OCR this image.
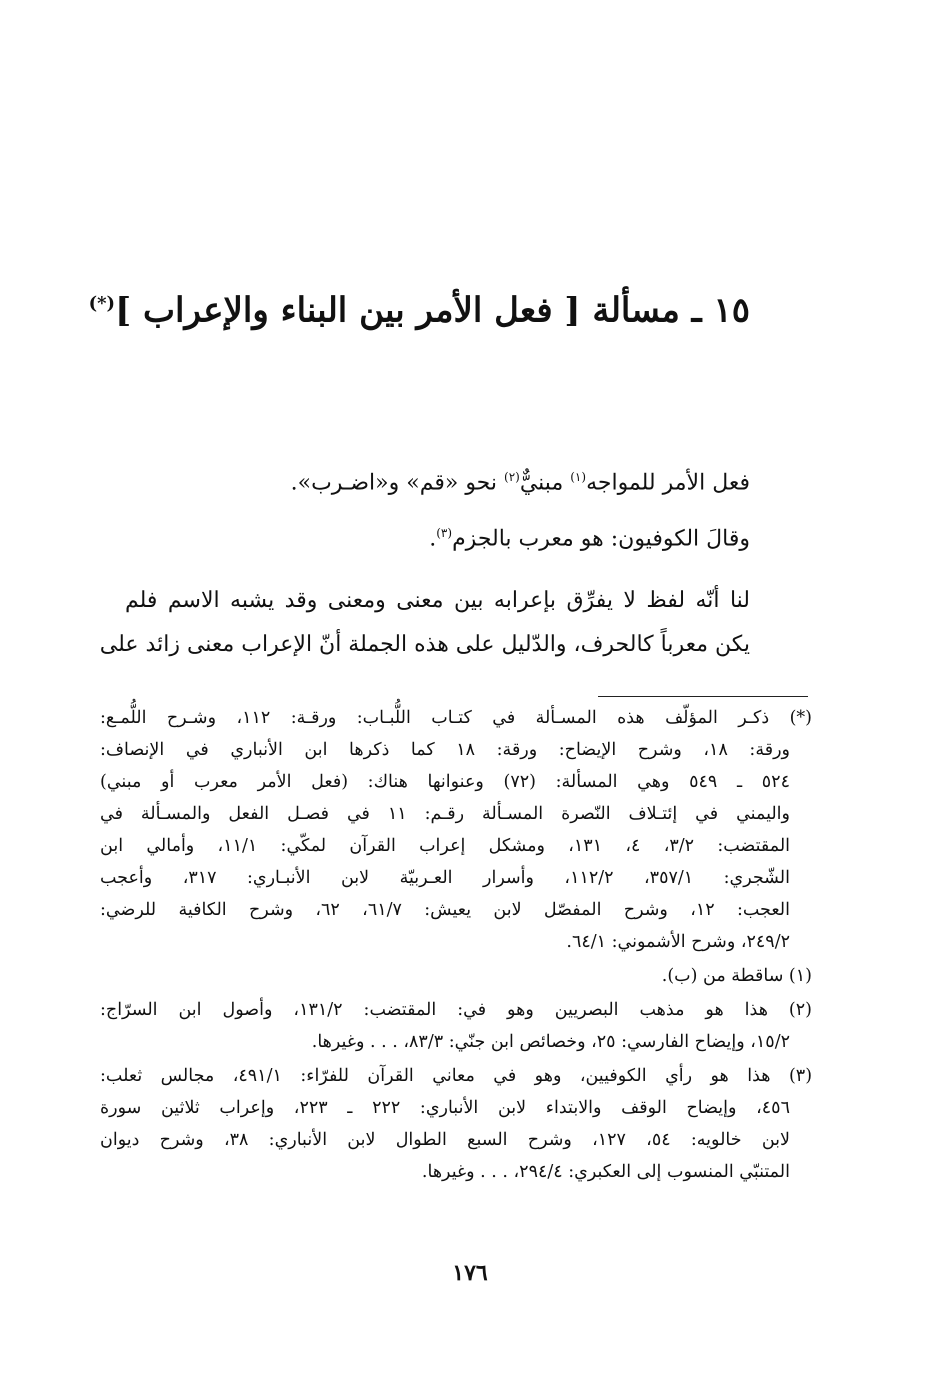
١٥ ـ مسألة [ فعل الأمر بين البناء والإعراب ](*)
فعل الأمر للمواجه$^{(١)}$ مبنيٌّ$^{(٢)}$ نحو «قم» و«اضـرب».
وقالَ الكوفيون: هو معرب بالجزم$^{(٣)}$.
لنا أنّه لفظ لا يفرِّق بإعرابه بين معنى ومعنى وقد يشبه الاسم فلم
يكن معرباً كالحرف، والدّليل على هذه الجملة أنّ الإعراب معنى زائد على
(*) ذكـر المؤلّف هذه المسـألة في كتـاب اللُّبـاب: ورقـة: ١١٢، وشـرح اللُّمـع:
ورقة: ١٨، وشرح الإيضاح: ورقة: ١٨ كما ذكرها ابن الأنباري في الإنصاف:
٥٢٤ ـ ٥٤٩ وهي المسألة: (٧٢) وعنوانها هناك: (فعل الأمر معرب أو مبني)
واليمني في إئتـلاف النّصرة المسـألة رقـم: ١١ في فصـل الفعل والمسـألة في
المقتضب: ٣/٢، ٤، ١٣١، ومشكل إعراب القرآن لمكّي: ١١/١، وأمالي ابن
الشّجري: ٣٥٧/١، ١١٢/٢، وأسرار العـربيّة لابن الأنبـاري: ٣١٧، وأعجب
العجب: ١٢، وشرح المفصّل لابن يعيش: ٦١/٧، ٦٢، وشرح الكافية للرضي:
٢٤٩/٢، وشرح الأشموني: ٦٤/١.
(١) ساقطة من (ب).
(٢) هذا هو مذهب البصريين وهو في: المقتضب: ١٣١/٢، وأصول ابن السرّاج:
١٥/٢، وإيضاح الفارسي: ٢٥، وخصائص ابن جنّي: ٨٣/٣، . . . وغيرها.
(٣) هذا هو رأي الكوفيين، وهو في معاني القرآن للفرّاء: ٤٩١/١، مجالس ثعلب:
٤٥٦، وإيضاح الوقف والابتداء لابن الأنباري: ٢٢٢ ـ ٢٢٣، وإعراب ثلاثين سورة
لابن خالويه: ٥٤، ١٢٧، وشرح السبع الطوال لابن الأنباري: ٣٨، وشرح ديوان
المتنبّي المنسوب إلى العكبري: ٢٩٤/٤، . . . وغيرها.
١٧٦
